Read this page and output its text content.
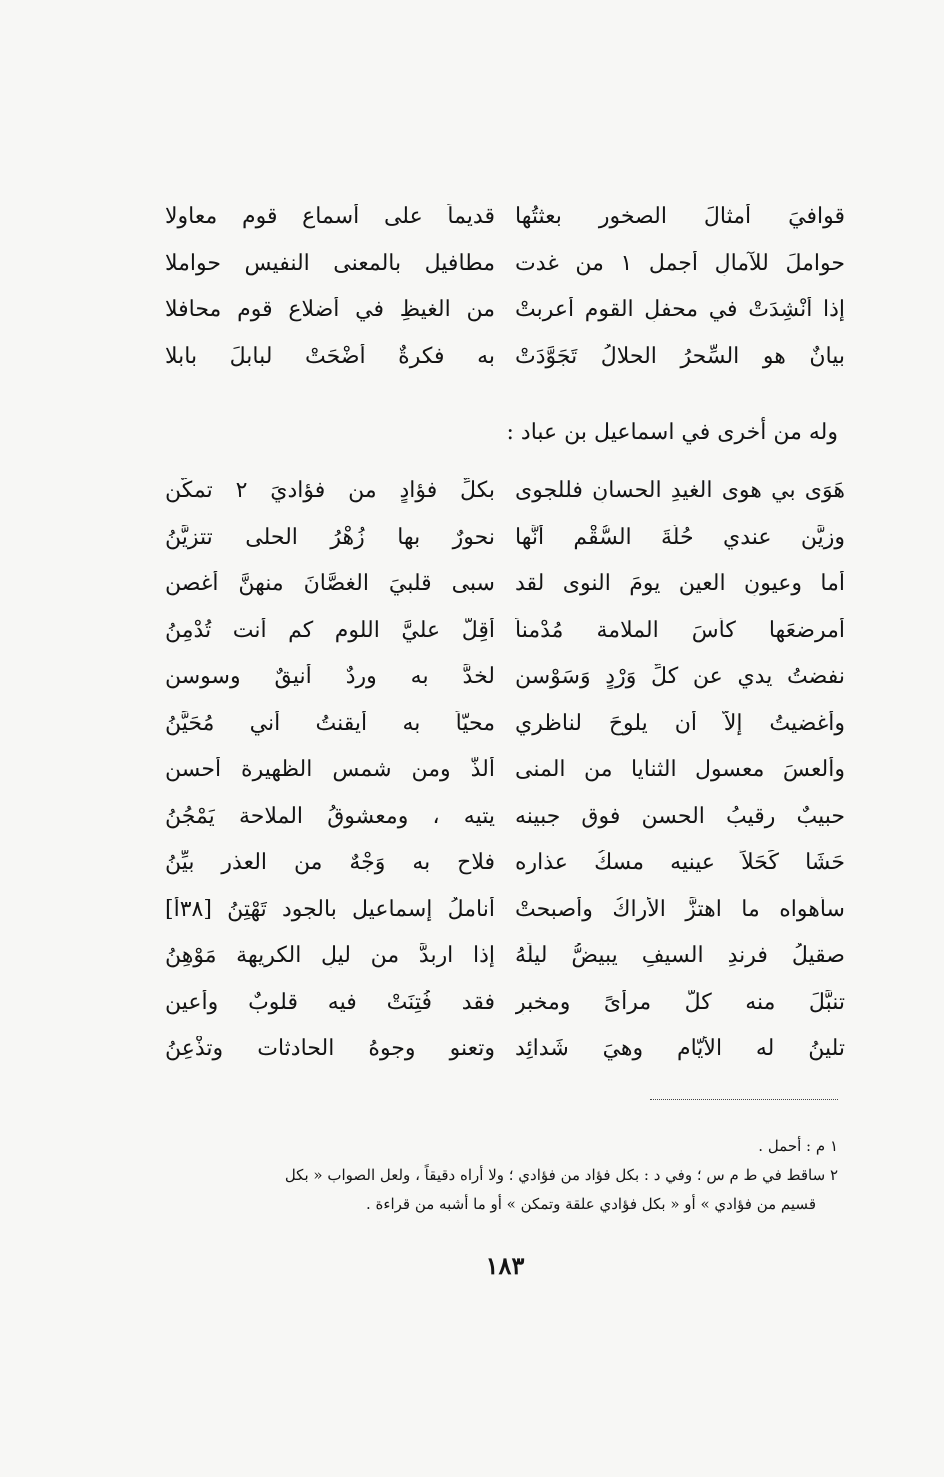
قوافيَ أمثالَ الصخورِ بعثتُها
قديماً على أسماعِ قومٍ معاولا
حواملَ للآمالِ أجمل ١ من غدت
مطافيل بالمعنى النفيس حواملا
إذا أنْشِدَتْ في محفلِ القومِ أعربتْ
من الغيظِ في أضلاع قوم محافلا
بيانٌ هو السِّحرُ الحلالُ تَجَوَّدَتْ
به فكرةٌ أضْحَتْ لبابلَ بابلا
وله من أخرى في اسماعيل بن عباد :
هَوَى بي هوى الغيدِ الحسانِ فللجوى
بكلِّ فؤادٍ من فؤاديَ ٢ تمكُّن
وزيَّن عندي حُلَّةَ السُّقْمِ أنَّها
نحورٌ بها زُهْرُ الحلى تتزيَّنُ
أما وعيونِ العينِ يومَ النوى لقد
سبى قلبيَ الغصَّانَ منهنَّ أغصن
أمرضعَها كأسَ الملامة مُدْمناً
أقِلَّ عليَّ اللوم كم أنت تُدْمِنُ
نفضتُ يدي عن كلِّ وَرْدٍ وَسَوْسن
لخدَّ به وردٌ أنيقٌ وسوسن
وأغضيتُ إلاَّ أن يلوحَ لناظري
محيّاً به أيقنتُ أني مُحَيَّنُ
وألعسَ معسول الثنايا من المنى
ألذُّ ومن شمسِ الظهيرة أحسن
حبيبٌ رقيبُ الحسنِ فوق جبينه
يتيه ، ومعشوقُ الملاحة يَمْجُنُ
حَشَا كَحَلاً عينيه مسكُ عذاره
فلاح به وَجْهٌ من العذر بيِّنُ
سأهواه ما اهتزَّ الأراكُ وأصبحتْ
أناملُ إسماعيل بالجود تَهْتِنُ [٣٨أ]
صقيلُ فرندِ السيفِ يبيضُّ ليلَهُ
إذا اربدَّ من ليلِ الكريهة مَوْهِنُ
تنبَّلَ منه كلُّ مرأىً ومخبرٍ
فقد فُتِنَتْ فيه قلوبٌ وأعين
تلينُ له الأيّام وهيَ شَدائِد
وتعنو وجوهُ الحادثات وتذْعِنُ
١ م : أحمل .
٢ ساقط في ط م س ؛ وفي د : بكل فؤاد من فؤادي ؛ ولا أراه دقيقاً ، ولعل الصواب « بكل
قسيم من فؤادي » أو « بكل فؤادي علقة وتمكن » أو ما أشبه من قراءة .
١٨٣
